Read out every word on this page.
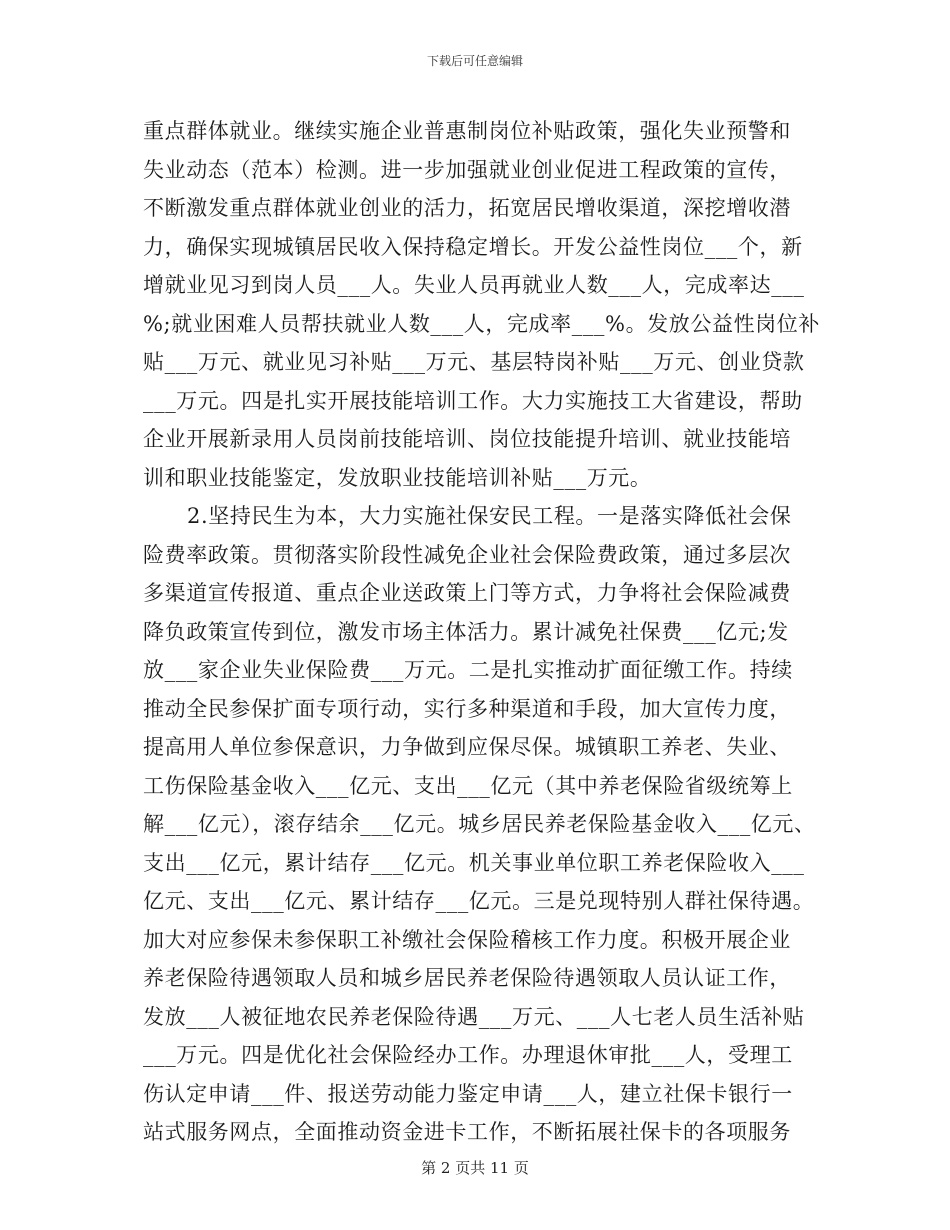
下载后可任意编辑
重点群体就业。继续实施企业普惠制岗位补贴政策，强化失业预警和
失业动态（范本）检测。进一步加强就业创业促进工程政策的宣传，
不断激发重点群体就业创业的活力，拓宽居民增收渠道，深挖增收潜
力，确保实现城镇居民收入保持稳定增长。开发公益性岗位___个，新
增就业见习到岗人员___人。失业人员再就业人数___人，完成率达___
%;就业困难人员帮扶就业人数___人，完成率___%。发放公益性岗位补
贴___万元、就业见习补贴___万元、基层特岗补贴___万元、创业贷款
___万元。四是扎实开展技能培训工作。大力实施技工大省建设，帮助
企业开展新录用人员岗前技能培训、岗位技能提升培训、就业技能培
训和职业技能鉴定，发放职业技能培训补贴___万元。
2.坚持民生为本，大力实施社保安民工程。一是落实降低社会保
险费率政策。贯彻落实阶段性减免企业社会保险费政策，通过多层次
多渠道宣传报道、重点企业送政策上门等方式，力争将社会保险减费
降负政策宣传到位，激发市场主体活力。累计减免社保费___亿元;发
放___家企业失业保险费___万元。二是扎实推动扩面征缴工作。持续
推动全民参保扩面专项行动，实行多种渠道和手段，加大宣传力度，
提高用人单位参保意识，力争做到应保尽保。城镇职工养老、失业、
工伤保险基金收入___亿元、支出___亿元（其中养老保险省级统筹上
解___亿元），滚存结余___亿元。城乡居民养老保险基金收入___亿元、
支出___亿元，累计结存___亿元。机关事业单位职工养老保险收入___
亿元、支出___亿元、累计结存___亿元。三是兑现特别人群社保待遇。
加大对应参保未参保职工补缴社会保险稽核工作力度。积极开展企业
养老保险待遇领取人员和城乡居民养老保险待遇领取人员认证工作，
发放___人被征地农民养老保险待遇___万元、___人七老人员生活补贴
___万元。四是优化社会保险经办工作。办理退休审批___人，受理工
伤认定申请___件、报送劳动能力鉴定申请___人，建立社保卡银行一
站式服务网点，全面推动资金进卡工作，不断拓展社保卡的各项服务
第 2 页共 11 页
